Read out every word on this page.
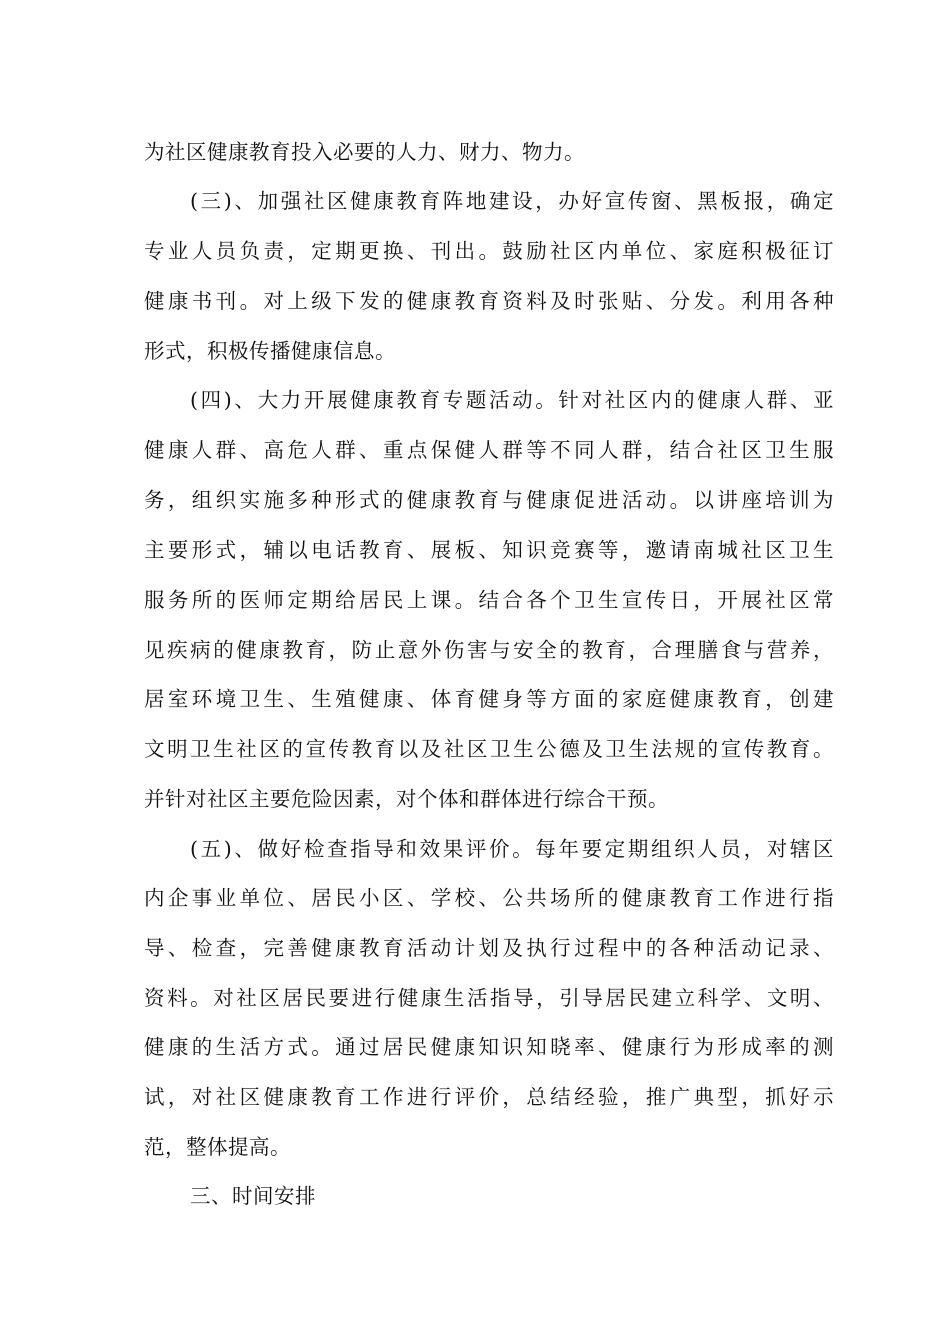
为社区健康教育投入必要的人力、财力、物力。
(三)、加强社区健康教育阵地建设，办好宣传窗、黑板报，确定
专业人员负责，定期更换、刊出。鼓励社区内单位、家庭积极征订
健康书刊。对上级下发的健康教育资料及时张贴、分发。利用各种
形式，积极传播健康信息。
(四)、大力开展健康教育专题活动。针对社区内的健康人群、亚
健康人群、高危人群、重点保健人群等不同人群，结合社区卫生服
务，组织实施多种形式的健康教育与健康促进活动。以讲座培训为
主要形式，辅以电话教育、展板、知识竞赛等，邀请南城社区卫生
服务所的医师定期给居民上课。结合各个卫生宣传日，开展社区常
见疾病的健康教育，防止意外伤害与安全的教育，合理膳食与营养，
居室环境卫生、生殖健康、体育健身等方面的家庭健康教育，创建
文明卫生社区的宣传教育以及社区卫生公德及卫生法规的宣传教育。
并针对社区主要危险因素，对个体和群体进行综合干预。
(五)、做好检查指导和效果评价。每年要定期组织人员，对辖区
内企事业单位、居民小区、学校、公共场所的健康教育工作进行指
导、检查，完善健康教育活动计划及执行过程中的各种活动记录、
资料。对社区居民要进行健康生活指导，引导居民建立科学、文明、
健康的生活方式。通过居民健康知识知晓率、健康行为形成率的测
试，对社区健康教育工作进行评价，总结经验，推广典型，抓好示
范，整体提高。
三、时间安排
